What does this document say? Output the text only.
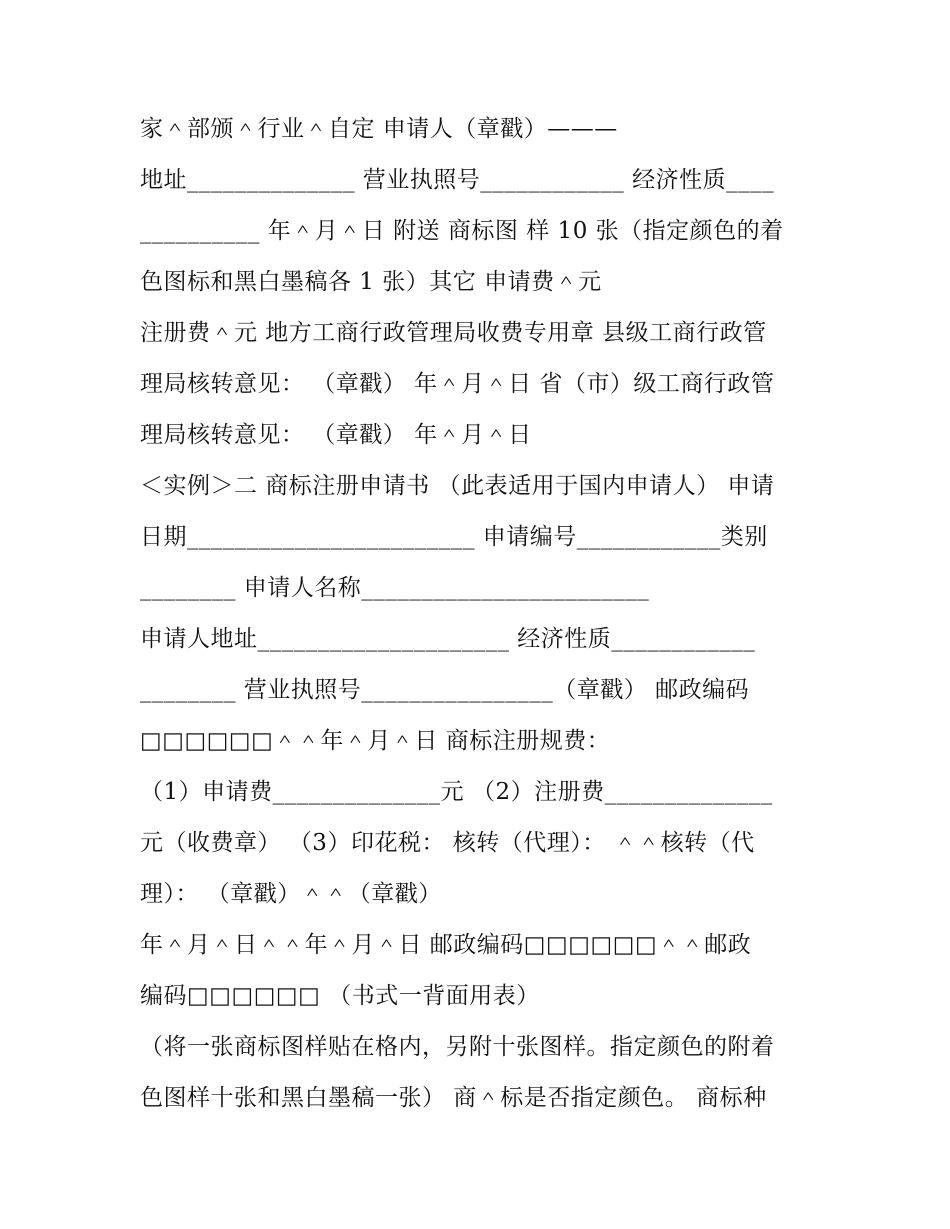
家＾部颁＾行业＾自定 申请人（章戳）———
地址______________ 营业执照号____________ 经济性质____
__________ 年＾月＾日 附送 商标图 样 10 张（指定颜色的着
色图标和黑白墨稿各 1 张）其它 申请费＾元
注册费＾元 地方工商行政管理局收费专用章 县级工商行政管
理局核转意见： （章戳） 年＾月＾日 省（市）级工商行政管
理局核转意见： （章戳） 年＾月＾日
＜实例＞二 商标注册申请书 （此表适用于国内申请人） 申请
日期________________________ 申请编号____________类别
________ 申请人名称________________________
申请人地址_____________________ 经济性质____________
________ 营业执照号________________（章戳） 邮政编码
□□□□□□＾＾年＾月＾日 商标注册规费：
（1）申请费______________元 （2）注册费______________
元（收费章） （3）印花税： 核转（代理）： ＾＾核转（代
理）： （章戳）＾＾（章戳）
年＾月＾日＾＾年＾月＾日 邮政编码□□□□□□＾＾邮政
编码□□□□□□ （书式一背面用表）
（将一张商标图样贴在格内，另附十张图样。指定颜色的附着
色图样十张和黑白墨稿一张） 商＾标是否指定颜色。 商标种
